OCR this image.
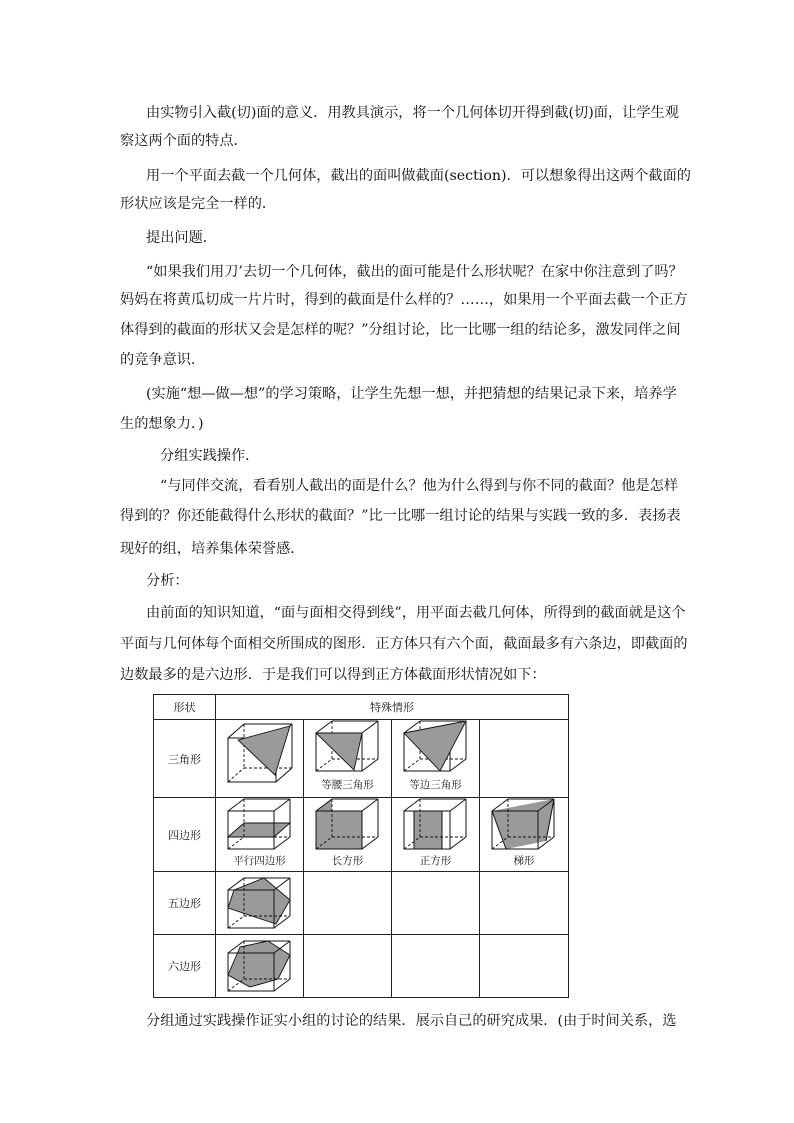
由实物引入截(切)面的意义．用教具演示，将一个几何体切开得到截(切)面，让学生观
察这两个面的特点．
用一个平面去截一个几何体，截出的面叫做截面(section)．可以想象得出这两个截面的
形状应该是完全一样的．
提出问题．
“如果我们用刀’去切一个几何体，截出的面可能是什么形状呢？在家中你注意到了吗？
妈妈在将黄瓜切成一片片时，得到的截面是什么样的？……，如果用一个平面去截一个正方
体得到的截面的形状又会是怎样的呢？”分组讨论，比一比哪一组的结论多，激发同伴之间
的竞争意识．
(实施“想—做—想”的学习策略，让学生先想一想，并把猜想的结果记录下来，培养学
生的想象力．)
分组实践操作．
“与同伴交流，看看别人截出的面是什么？他为什么得到与你不同的截面？他是怎样
得到的？你还能截得什么形状的截面？”比一比哪一组讨论的结果与实践一致的多．表扬表
现好的组，培养集体荣誉感．
分析：
由前面的知识知道，“面与面相交得到线”，用平面去截几何体，所得到的截面就是这个
平面与几何体每个面相交所围成的图形．正方体只有六个面，截面最多有六条边，即截面的
边数最多的是六边形．于是我们可以得到正方体截面形状情况如下：
分组通过实践操作证实小组的讨论的结果．展示自己的研究成果．(由于时间关系，选
形状	特殊情形			
三角形		等腰三角形	等边三角形	

四边形	平行四边形	长方形	正方形	梯形

五边形	

六边形	
